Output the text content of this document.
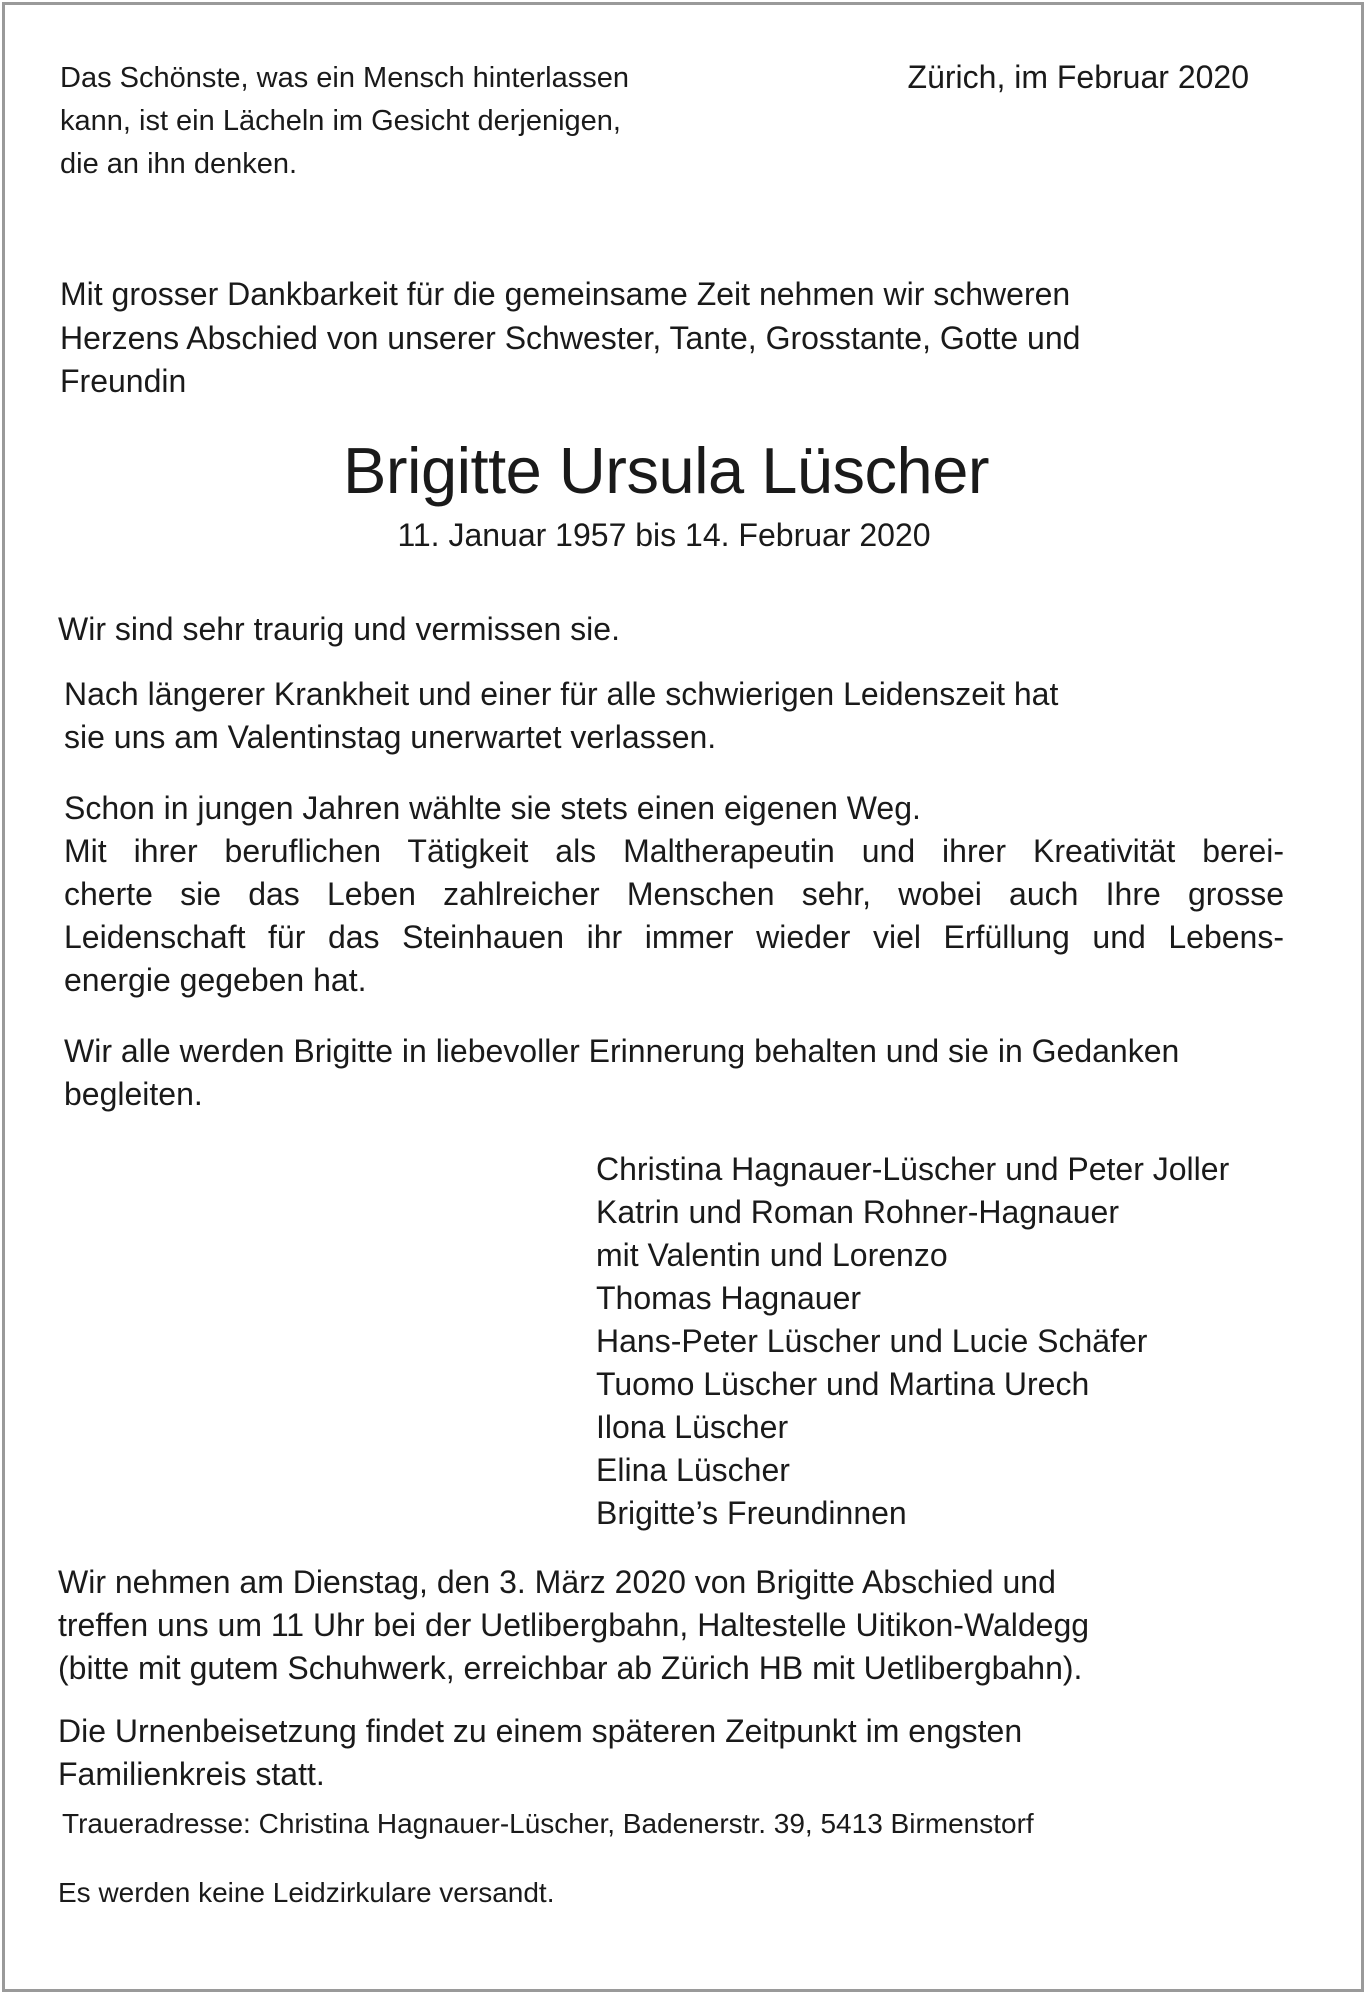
Das Schönste, was ein Mensch hinterlassen
kann, ist ein Lächeln im Gesicht derjenigen,
die an ihn denken.
Zürich, im Februar 2020
Mit grosser Dankbarkeit für die gemeinsame Zeit nehmen wir schweren
Herzens Abschied von unserer Schwester, Tante, Grosstante, Gotte und
Freundin
Brigitte Ursula Lüscher
11. Januar 1957 bis 14. Februar 2020
Wir sind sehr traurig und vermissen sie.
Nach längerer Krankheit und einer für alle schwierigen Leidenszeit hat
sie uns am Valentinstag unerwartet verlassen.
Schon in jungen Jahren wählte sie stets einen eigenen Weg.
Mit ihrer beruflichen Tätigkeit als Maltherapeutin und ihrer Kreativität berei-
cherte sie das Leben zahlreicher Menschen sehr, wobei auch Ihre grosse
Leidenschaft für das Steinhauen ihr immer wieder viel Erfüllung und Lebens-
energie gegeben hat.
Wir alle werden Brigitte in liebevoller Erinnerung behalten und sie in Gedanken
begleiten.
Christina Hagnauer-Lüscher und Peter Joller
Katrin und Roman Rohner-Hagnauer
mit Valentin und Lorenzo
Thomas Hagnauer
Hans-Peter Lüscher und Lucie Schäfer
Tuomo Lüscher und Martina Urech
Ilona Lüscher
Elina Lüscher
Brigitte’s Freundinnen
Wir nehmen am Dienstag, den 3. März 2020 von Brigitte Abschied und
treffen uns um 11 Uhr bei der Uetlibergbahn, Haltestelle Uitikon-Waldegg
(bitte mit gutem Schuhwerk, erreichbar ab Zürich HB mit Uetlibergbahn).
Die Urnenbeisetzung findet zu einem späteren Zeitpunkt im engsten
Familienkreis statt.
Traueradresse: Christina Hagnauer-Lüscher, Badenerstr. 39, 5413 Birmenstorf
Es werden keine Leidzirkulare versandt.
